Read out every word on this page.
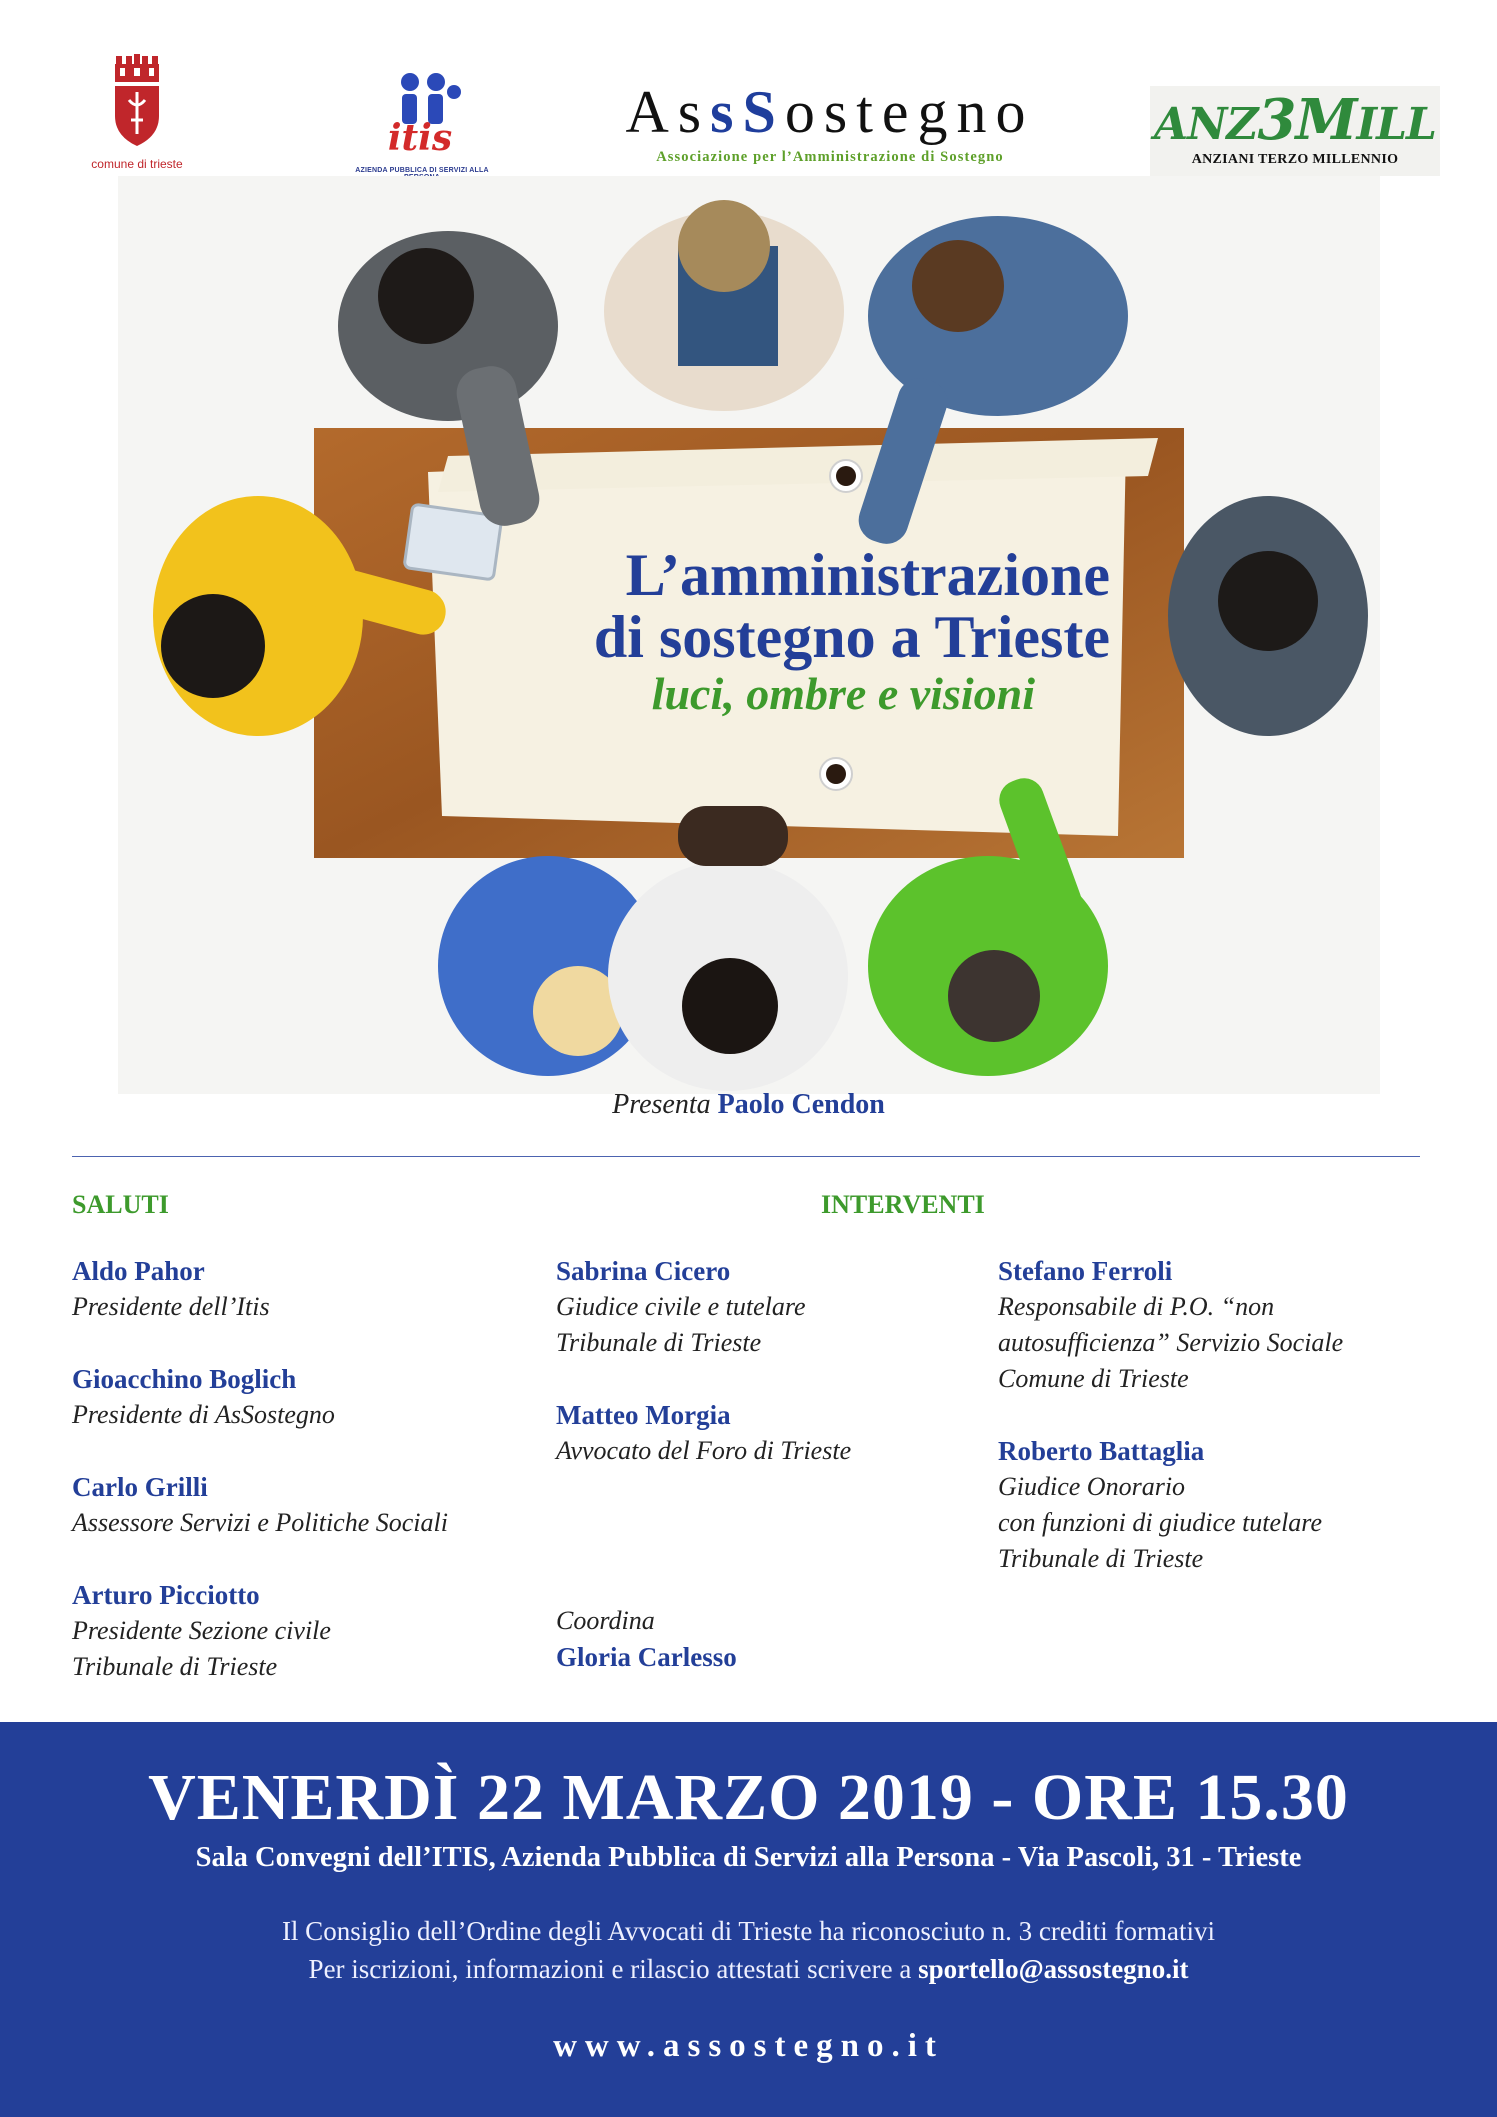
comune di trieste
itis
AZIENDA PUBBLICA DI SERVIZI ALLA
AssSostegno
Associazione per l’Amministrazione di Sostegno
ANZ3MILL
ANZIANI TERZO MILLENNIO
L’amministrazione
di sostegno a Trieste
luci, ombre e visioni
Presenta Paolo Cendon
SALUTI	INTERVENTI
Aldo Pahor
Presidente dell’Itis
Gioacchino Boglich
Presidente di AsSostegno
Carlo Grilli
Assessore Servizi e Politiche Sociali
Arturo Picciotto
Presidente Sezione civile
Tribunale di Trieste
Sabrina Cicero
Giudice civile e tutelare
Tribunale di Trieste
Matteo Morgia
Avvocato del Foro di Trieste
Stefano Ferroli
Responsabile di P.O. “non
autosufficienza” Servizio Sociale
Comune di Trieste
Roberto Battaglia
Giudice Onorario
con funzioni di giudice tutelare
Tribunale di Trieste
Coordina
Gloria Carlesso
VENERDÌ 22 MARZO 2019 - ORE 15.30
Sala Convegni dell’ITIS, Azienda Pubblica di Servizi alla Persona - Via Pascoli, 31 - Trieste
Il Consiglio dell’Ordine degli Avvocati di Trieste ha riconosciuto n. 3 crediti formativi
Per iscrizioni, informazioni e rilascio attestati scrivere a sportello@assostegno.it
www.assostegno.it
